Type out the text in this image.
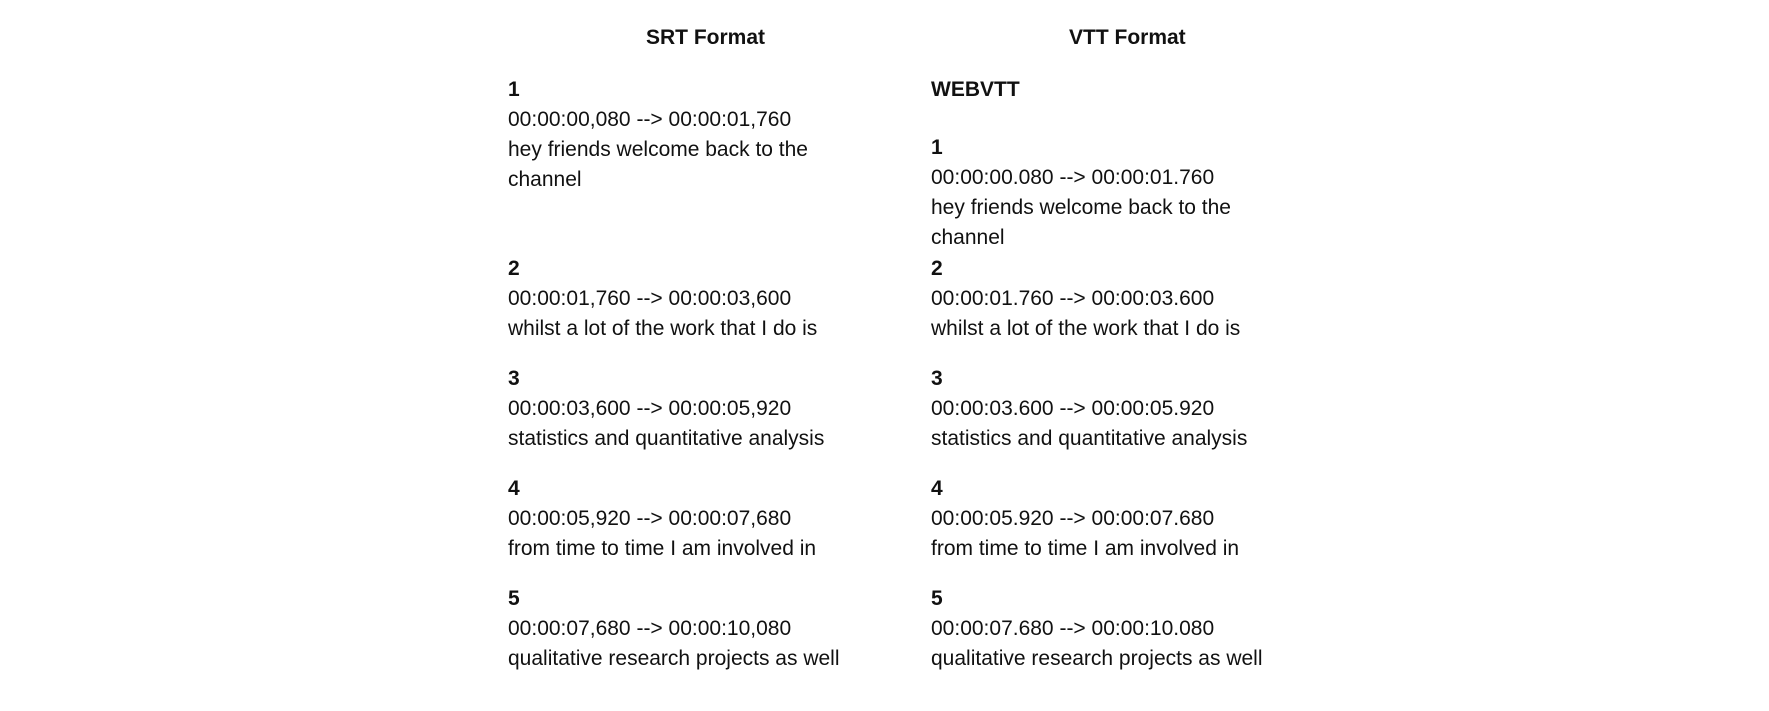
SRT Format
1
00:00:00,080 --> 00:00:01,760
hey friends welcome back to the channel
2
00:00:01,760 --> 00:00:03,600
whilst a lot of the work that I do is
3
00:00:03,600 --> 00:00:05,920
statistics and quantitative analysis
4
00:00:05,920 --> 00:00:07,680
from time to time I am involved in
5
00:00:07,680 --> 00:00:10,080
qualitative research projects as well
VTT Format
WEBVTT
1
00:00:00.080 --> 00:00:01.760
hey friends welcome back to the channel
2
00:00:01.760 --> 00:00:03.600
whilst a lot of the work that I do is
3
00:00:03.600 --> 00:00:05.920
statistics and quantitative analysis
4
00:00:05.920 --> 00:00:07.680
from time to time I am involved in
5
00:00:07.680 --> 00:00:10.080
qualitative research projects as well
